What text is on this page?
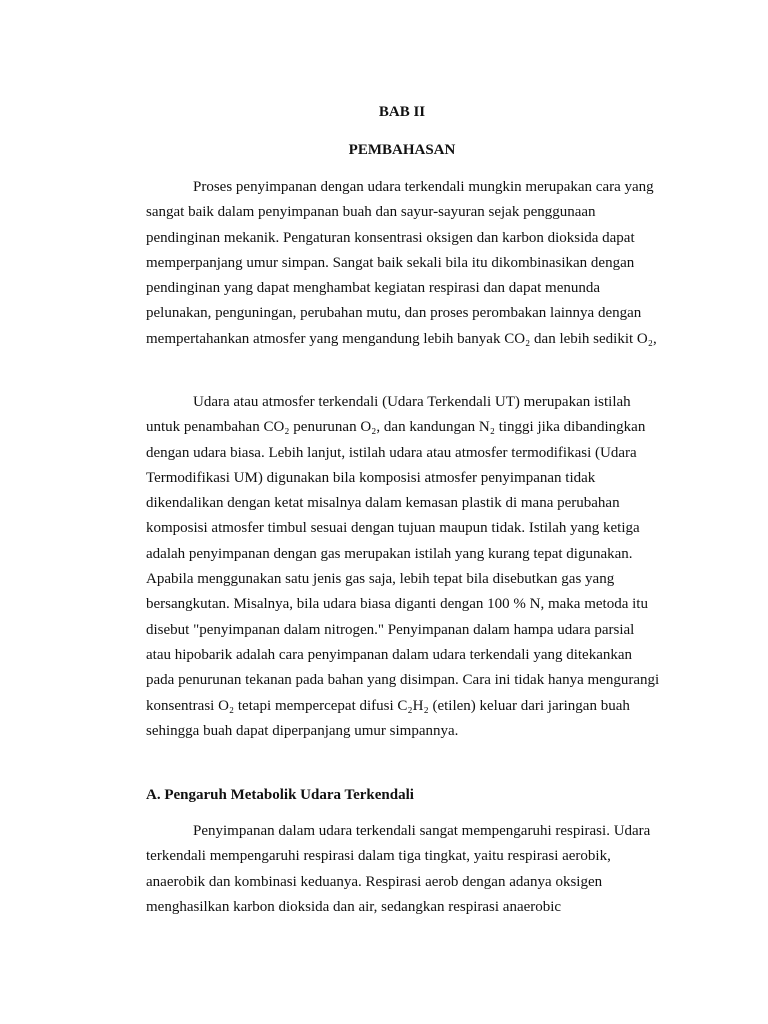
BAB II
PEMBAHASAN

Proses penyimpanan dengan udara terkendali mungkin merupakan cara yang sangat baik dalam penyimpanan buah dan sayur-sayuran sejak penggunaan pendinginan mekanik. Pengaturan konsentrasi oksigen dan karbon dioksida dapat memperpanjang umur simpan. Sangat baik sekali bila itu dikombinasikan dengan pendinginan yang dapat menghambat kegiatan respirasi dan dapat menunda pelunakan, penguningan, perubahan mutu, dan proses perombakan lainnya dengan mempertahankan atmosfer yang mengandung lebih banyak CO₂ dan lebih sedikit O₂,

Udara atau atmosfer terkendali (Udara Terkendali UT) merupakan istilah untuk penambahan CO₂ penurunan O₂, dan kandungan N₂ tinggi jika dibandingkan dengan udara biasa. Lebih lanjut, istilah udara atau atmosfer termodifikasi (Udara Termodifikasi UM) digunakan bila komposisi atmosfer penyimpanan tidak dikendalikan dengan ketat misalnya dalam kemasan plastik di mana perubahan komposisi atmosfer timbul sesuai dengan tujuan maupun tidak. Istilah yang ketiga adalah penyimpanan dengan gas merupakan istilah yang kurang tepat digunakan. Apabila menggunakan satu jenis gas saja, lebih tepat bila disebutkan gas yang bersangkutan. Misalnya, bila udara biasa diganti dengan 100 % N, maka metoda itu disebut "penyimpanan dalam nitrogen." Penyimpanan dalam hampa udara parsial atau hipobarik adalah cara penyimpanan dalam udara terkendali yang ditekankan pada penurunan tekanan pada bahan yang disimpan. Cara ini tidak hanya mengurangi konsentrasi O₂ tetapi mempercepat difusi C₂H₂ (etilen) keluar dari jaringan buah sehingga buah dapat diperpanjang umur simpannya.

A. Pengaruh Metabolik Udara Terkendali

Penyimpanan dalam udara terkendali sangat mempengaruhi respirasi. Udara terkendali mempengaruhi respirasi dalam tiga tingkat, yaitu respirasi aerobik, anaerobik dan kombinasi keduanya. Respirasi aerob dengan adanya oksigen menghasilkan karbon dioksida dan air, sedangkan respirasi anaerobic
